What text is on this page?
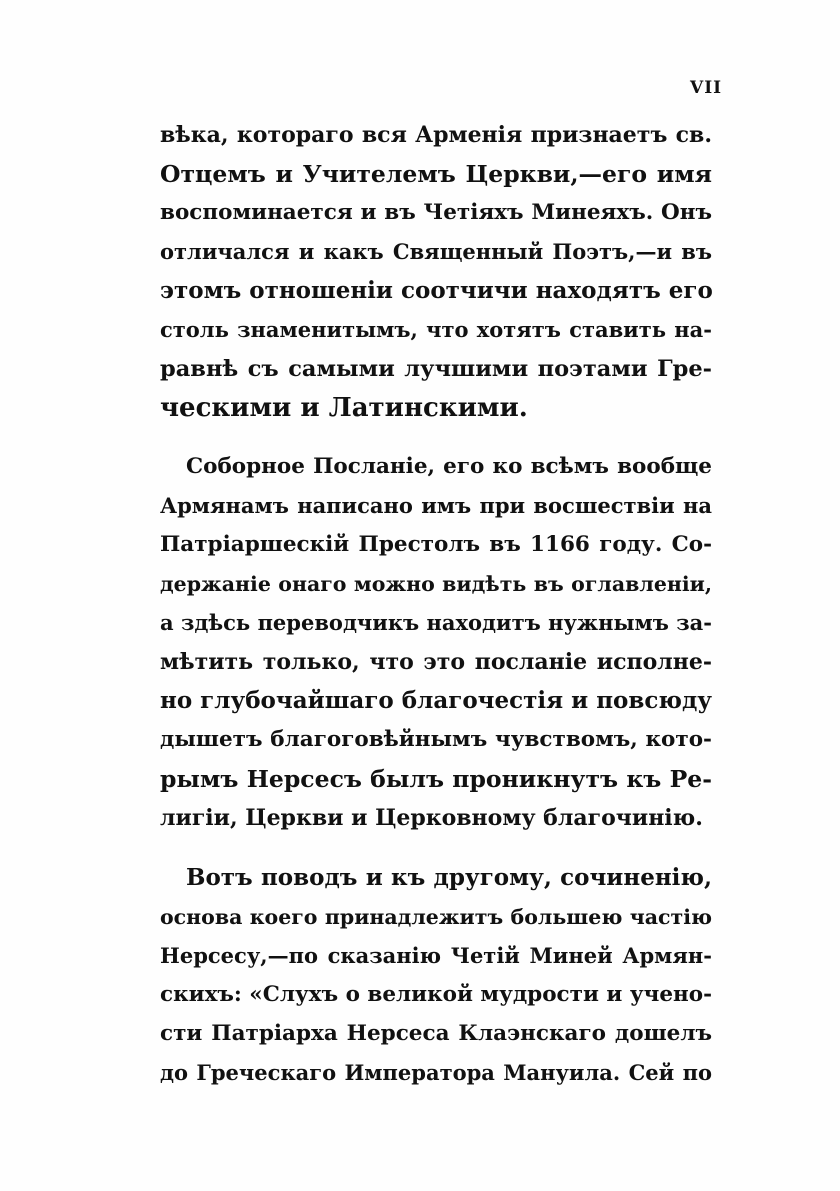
VII
вѣка, котораго вся Арменія признаетъ св.
Отцемъ и Учителемъ Церкви,—его имя
воспоминается и въ Четіяхъ Минеяхъ. Онъ
отличался и какъ Священный Поэтъ,—и въ
этомъ отношеніи соотчичи находятъ его
столь знаменитымъ, что хотятъ ставить на-
равнѣ съ самыми лучшими поэтами Гре-
ческими и Латинскими.
Соборное Посланіе, его ко всѣмъ вообще
Армянамъ написано имъ при восшествіи на
Патріаршескій Престолъ въ 1166 году. Со-
держаніе онаго можно видѣть въ оглавленіи,
а здѣсь переводчикъ находитъ нужнымъ за-
мѣтить только, что это посланіе исполне-
но глубочайшаго благочестія и повсюду
дышетъ благоговѣйнымъ чувствомъ, кото-
рымъ Нерсесъ былъ проникнутъ къ Ре-
лигіи, Церкви и Церковному благочинію.
Вотъ поводъ и къ другому, сочиненію,
основа коего принадлежитъ большею частію
Нерсесу,—по сказанію Четій Миней Армян-
скихъ: «Слухъ о великой мудрости и учено-
сти Патріарха Нерсеса Клаэнскаго дошелъ
до Греческаго Императора Мануила. Сей по
